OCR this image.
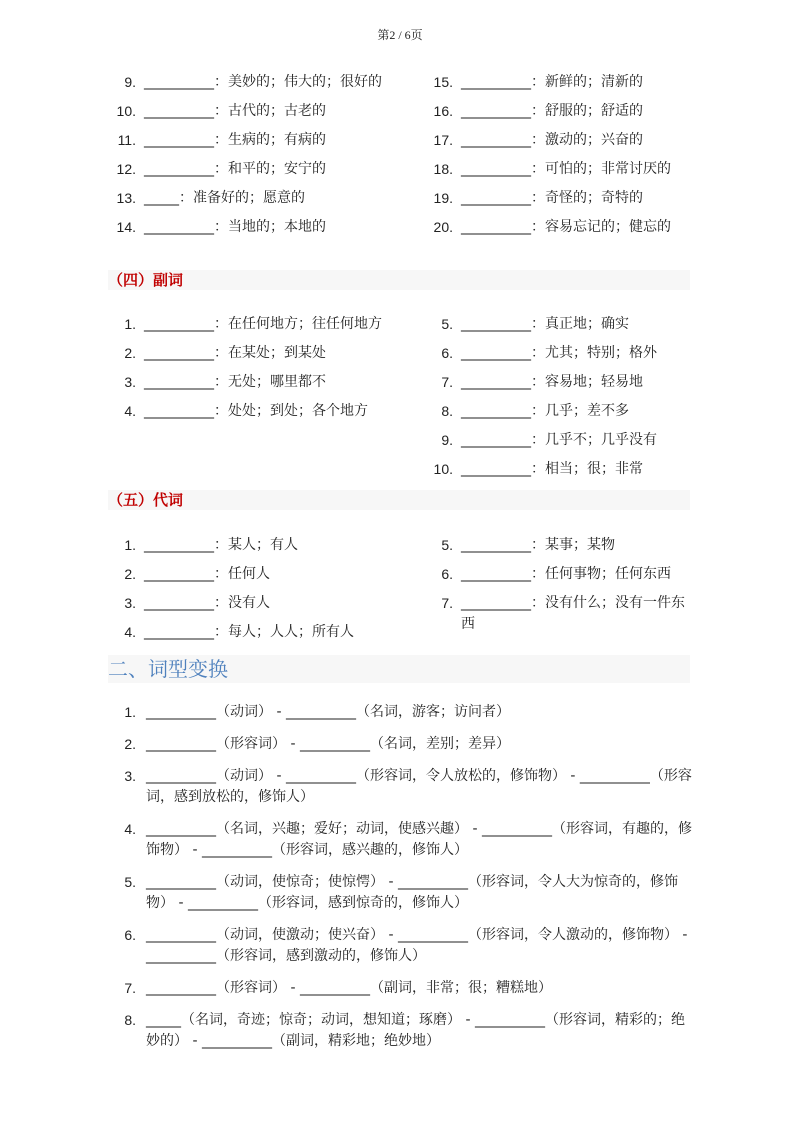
第2 / 6页
9. __________：美妙的；伟大的；很好的
10. __________：古代的；古老的
11. __________：生病的；有病的
12. __________：和平的；安宁的
13. _____：准备好的；愿意的
14. __________：当地的；本地的
15. __________：新鲜的；清新的
16. __________：舒服的；舒适的
17. __________：激动的；兴奋的
18. __________：可怕的；非常讨厌的
19. __________：奇怪的；奇特的
20. __________：容易忘记的；健忘的
（四）副词
1. __________：在任何地方；往任何地方
2. __________：在某处；到某处
3. __________：无处；哪里都不
4. __________：处处；到处；各个地方
5. __________：真正地；确实
6. __________：尤其；特别；格外
7. __________：容易地；轻易地
8. __________：几乎；差不多
9. __________：几乎不；几乎没有
10. __________：相当；很；非常
（五）代词
1. __________：某人；有人
2. __________：任何人
3. __________：没有人
4. __________：每人；人人；所有人
5. __________：某事；某物
6. __________：任何事物；任何东西
7. __________：没有什么；没有一件东西
二、词型变换
1. __________（动词） - __________（名词，游客；访问者）
2. __________（形容词） - __________（名词，差别；差异）
3. __________（动词） - __________（形容词，令人放松的，修饰物） - __________（形容词，感到放松的，修饰人）
4. __________（名词，兴趣；爱好；动词，使感兴趣） - __________（形容词，有趣的，修饰物） - __________（形容词，感兴趣的，修饰人）
5. __________（动词，使惊奇；使惊愕） - __________（形容词，令人大为惊奇的，修饰物） - __________（形容词，感到惊奇的，修饰人）
6. __________（动词，使激动；使兴奋） - __________（形容词，令人激动的，修饰物） - __________（形容词，感到激动的，修饰人）
7. __________（形容词） - __________（副词，非常；很；糟糕地）
8. _____（名词，奇迹；惊奇；动词，想知道；琢磨） - __________（形容词，精彩的；绝妙的） - __________（副词，精彩地；绝妙地）
